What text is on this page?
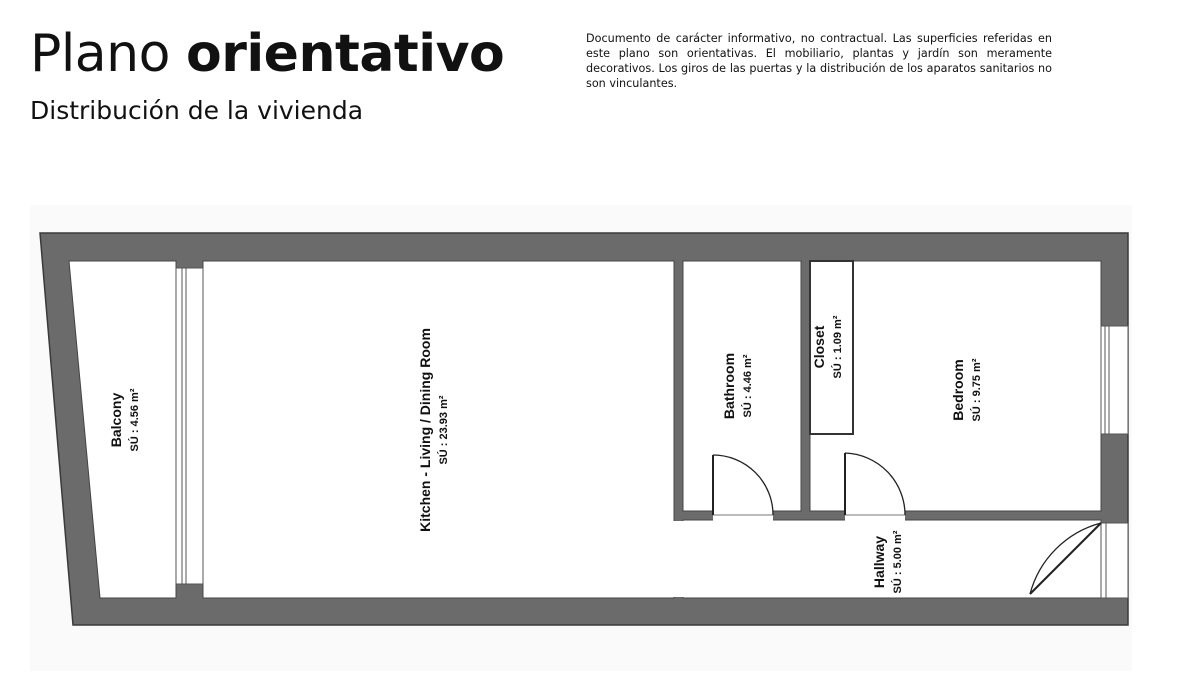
Plano orientativo
Distribución de la vivienda
Documento de carácter informativo, no contractual. Las superficies referidas en este plano son orientativas. El mobiliario, plantas y jardín son meramente decorativos. Los giros de las puertas y la distribución de los aparatos sanitarios no son vinculantes.
Balcony SÚ : 4.56 m²	Kitchen - Living / Dining Room SÚ : 23.93 m²
Bathroom SÚ : 4.46 m²
Closet SÚ : 1.09 m²
Bedroom SÚ : 9.75 m²
Hallway SÚ : 5.00 m²
